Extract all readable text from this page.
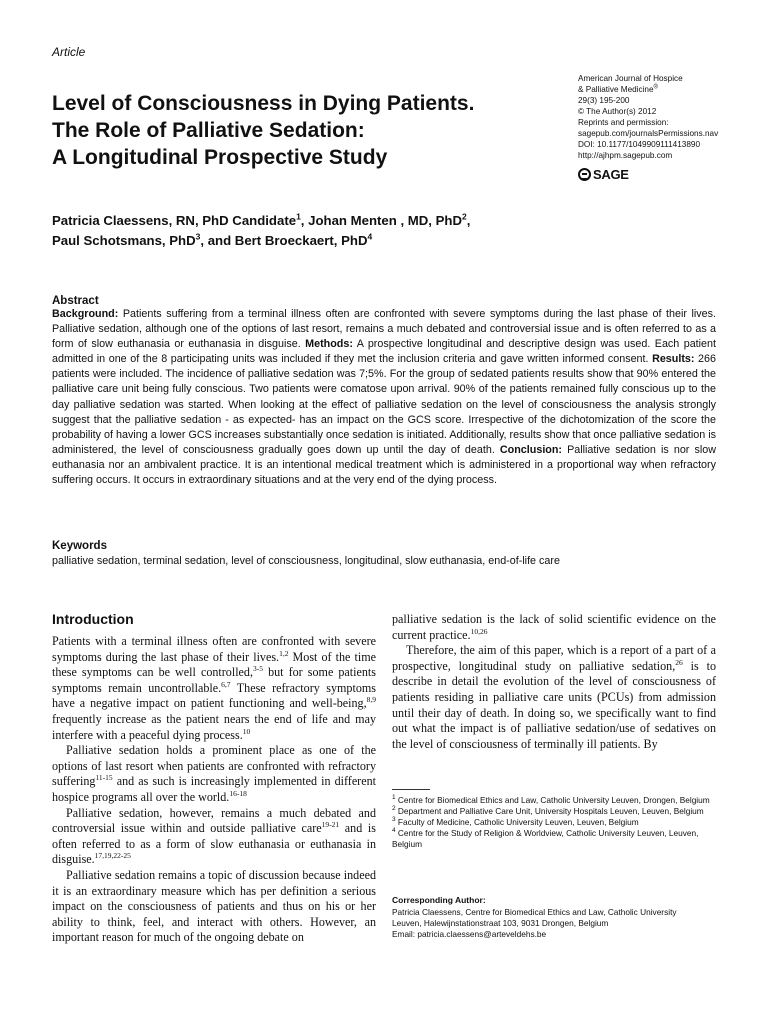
Article
Level of Consciousness in Dying Patients.
The Role of Palliative Sedation:
A Longitudinal Prospective Study
American Journal of Hospice
& Palliative Medicine®
29(3) 195-200
© The Author(s) 2012
Reprints and permission:
sagepub.com/journalsPermissions.nav
DOI: 10.1177/1049909111413890
http://ajhpm.sagepub.com
SAGE
Patricia Claessens, RN, PhD Candidate$^1$, Johan Menten , MD, PhD$^2$,
Paul Schotsmans, PhD$^3$, and Bert Broeckaert, PhD$^4$
Abstract
Background: Patients suffering from a terminal illness often are confronted with severe symptoms during the last phase of their lives. Palliative sedation, although one of the options of last resort, remains a much debated and controversial issue and is often referred to as a form of slow euthanasia or euthanasia in disguise. Methods: A prospective longitudinal and descriptive design was used. Each patient admitted in one of the 8 participating units was included if they met the inclusion criteria and gave written informed consent. Results: 266 patients were included. The incidence of palliative sedation was 7;5%. For the group of sedated patients results show that 90% entered the palliative care unit being fully conscious. Two patients were comatose upon arrival. 90% of the patients remained fully conscious up to the day palliative sedation was started. When looking at the effect of palliative sedation on the level of consciousness the analysis strongly suggest that the palliative sedation - as expected- has an impact on the GCS score. Irrespective of the dichotomization of the score the probability of having a lower GCS increases substantially once sedation is initiated. Additionally, results show that once palliative sedation is administered, the level of consciousness gradually goes down up until the day of death. Conclusion: Palliative sedation is nor slow euthanasia nor an ambivalent practice. It is an intentional medical treatment which is administered in a proportional way when refractory suffering occurs. It occurs in extraordinary situations and at the very end of the dying process.
Keywords
palliative sedation, terminal sedation, level of consciousness, longitudinal, slow euthanasia, end-of-life care
Introduction

Patients with a terminal illness often are confronted with severe symptoms during the last phase of their lives.$^{1,2}$ Most of the time these symptoms can be well controlled,$^{3-5}$ but for some patients symptoms remain uncontrollable.$^{6,7}$ These refractory symptoms have a negative impact on patient functioning and well-being,$^{8,9}$ frequently increase as the patient nears the end of life and may interfere with a peaceful dying process.$^{10}$

Palliative sedation holds a prominent place as one of the options of last resort when patients are confronted with refractory suffering$^{11-15}$ and as such is increasingly implemented in different hospice programs all over the world.$^{16-18}$

Palliative sedation, however, remains a much debated and controversial issue within and outside palliative care$^{19-21}$ and is often referred to as a form of slow euthanasia or euthanasia in disguise.$^{17,19,22-25}$

Palliative sedation remains a topic of discussion because indeed it is an extraordinary measure which has per definition a serious impact on the consciousness of patients and thus on his or her ability to think, feel, and interact with others. However, an important reason for much of the ongoing debate on

palliative sedation is the lack of solid scientific evidence on the current practice.$^{10,26}$

Therefore, the aim of this paper, which is a report of a part of a prospective, longitudinal study on palliative sedation,$^{26}$ is to describe in detail the evolution of the level of consciousness of patients residing in palliative care units (PCUs) from admission until their day of death. In doing so, we specifically want to find out what the impact is of palliative sedation/use of sedatives on the level of consciousness of terminally ill patients. By

$^1$ Centre for Biomedical Ethics and Law, Catholic University Leuven, Drongen, Belgium
$^2$ Department and Palliative Care Unit, University Hospitals Leuven, Leuven, Belgium
$^3$ Faculty of Medicine, Catholic University Leuven, Leuven, Belgium
$^4$ Centre for the Study of Religion & Worldview, Catholic University Leuven, Leuven, Belgium
Corresponding Author:
Patricia Claessens, Centre for Biomedical Ethics and Law, Catholic University
Leuven, Halewijnstationstraat 103, 9031 Drongen, Belgium
Email: patricia.claessens@arteveldehs.be
